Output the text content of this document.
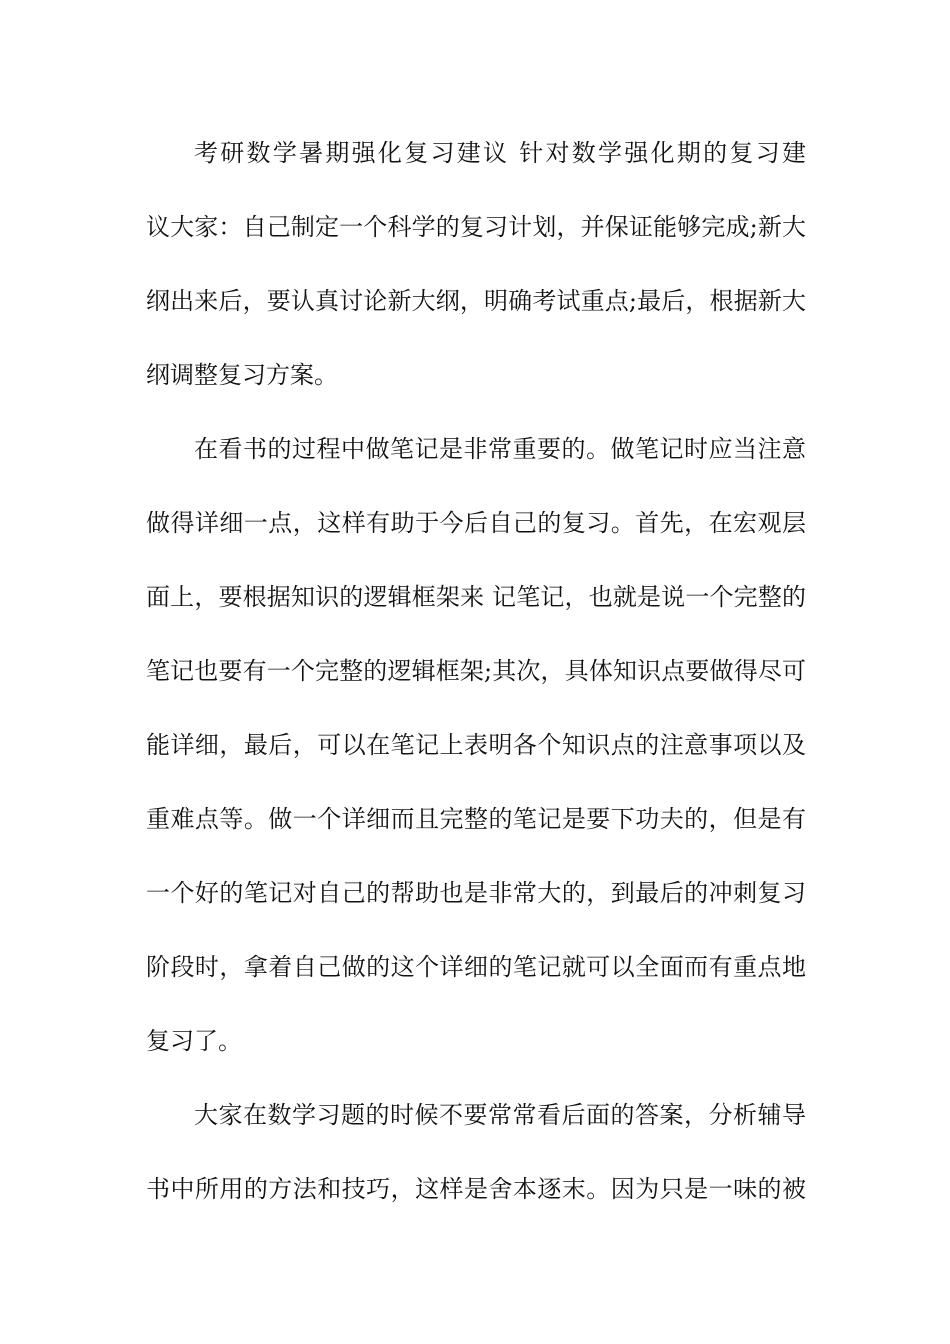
考研数学暑期强化复习建议 针对数学强化期的复习建
议大家：自己制定一个科学的复习计划，并保证能够完成;新大
纲出来后，要认真讨论新大纲，明确考试重点;最后，根据新大
纲调整复习方案。
在看书的过程中做笔记是非常重要的。做笔记时应当注意
做得详细一点，这样有助于今后自己的复习。首先，在宏观层
面上，要根据知识的逻辑框架来 记笔记，也就是说一个完整的
笔记也要有一个完整的逻辑框架;其次，具体知识点要做得尽可
能详细，最后，可以在笔记上表明各个知识点的注意事项以及
重难点等。做一个详细而且完整的笔记是要下功夫的，但是有
一个好的笔记对自己的帮助也是非常大的，到最后的冲刺复习
阶段时，拿着自己做的这个详细的笔记就可以全面而有重点地
复习了。
大家在数学习题的时候不要常常看后面的答案，分析辅导
书中所用的方法和技巧，这样是舍本逐末。因为只是一味的被
